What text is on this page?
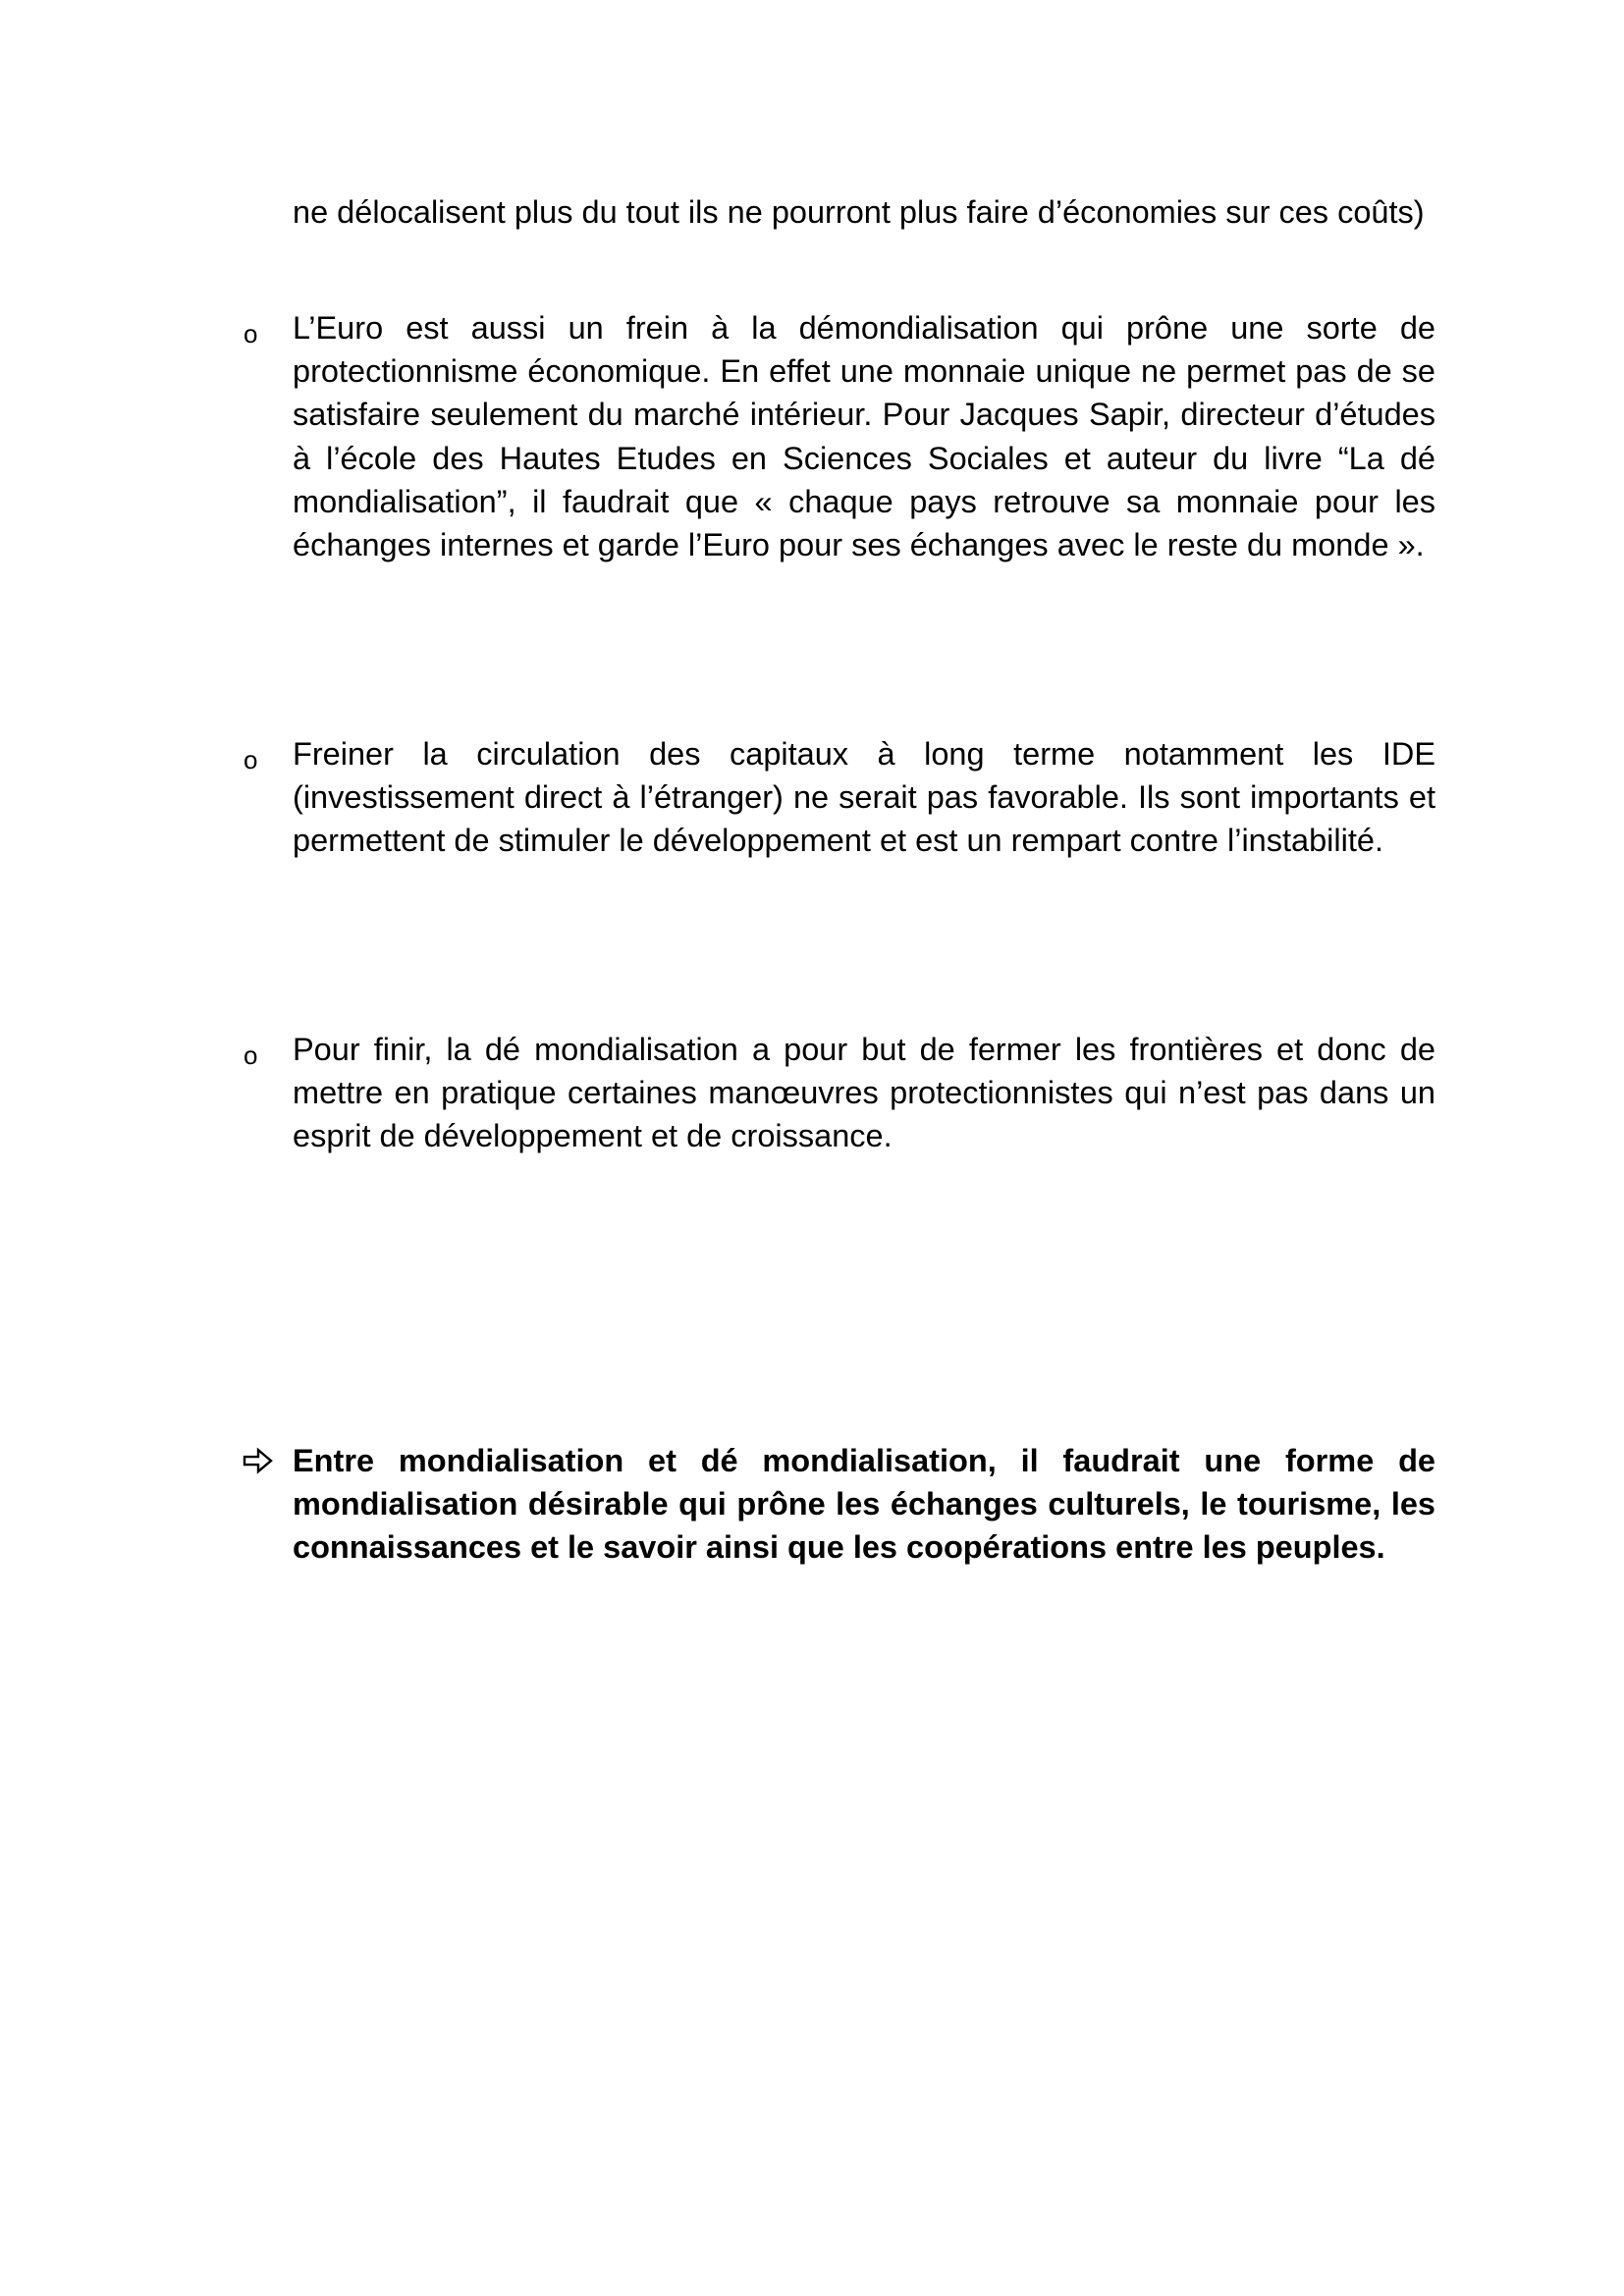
ne délocalisent plus du tout ils ne pourront plus faire d’économies sur ces coûts)

o L’Euro est aussi un frein à la démondialisation qui prône une sorte de protectionnisme économique. En effet une monnaie unique ne permet pas de se satisfaire seulement du marché intérieur. Pour Jacques Sapir, directeur d’études à l’école des Hautes Etudes en Sciences Sociales et auteur du livre “La dé mondialisation”, il faudrait que « chaque pays retrouve sa monnaie pour les échanges internes et garde l’Euro pour ses échanges avec le reste du monde ».

o Freiner la circulation des capitaux à long terme notamment les IDE (investissement direct à l’étranger) ne serait pas favorable. Ils sont importants et permettent de stimuler le développement et est un rempart contre l’instabilité.

o Pour finir, la dé mondialisation a pour but de fermer les frontières et donc de mettre en pratique certaines manœuvres protectionnistes qui n’est pas dans un esprit de développement et de croissance.

Entre mondialisation et dé mondialisation, il faudrait une forme de mondialisation désirable qui prône les échanges culturels, le tourisme, les connaissances et le savoir ainsi que les coopérations entre les peuples.
